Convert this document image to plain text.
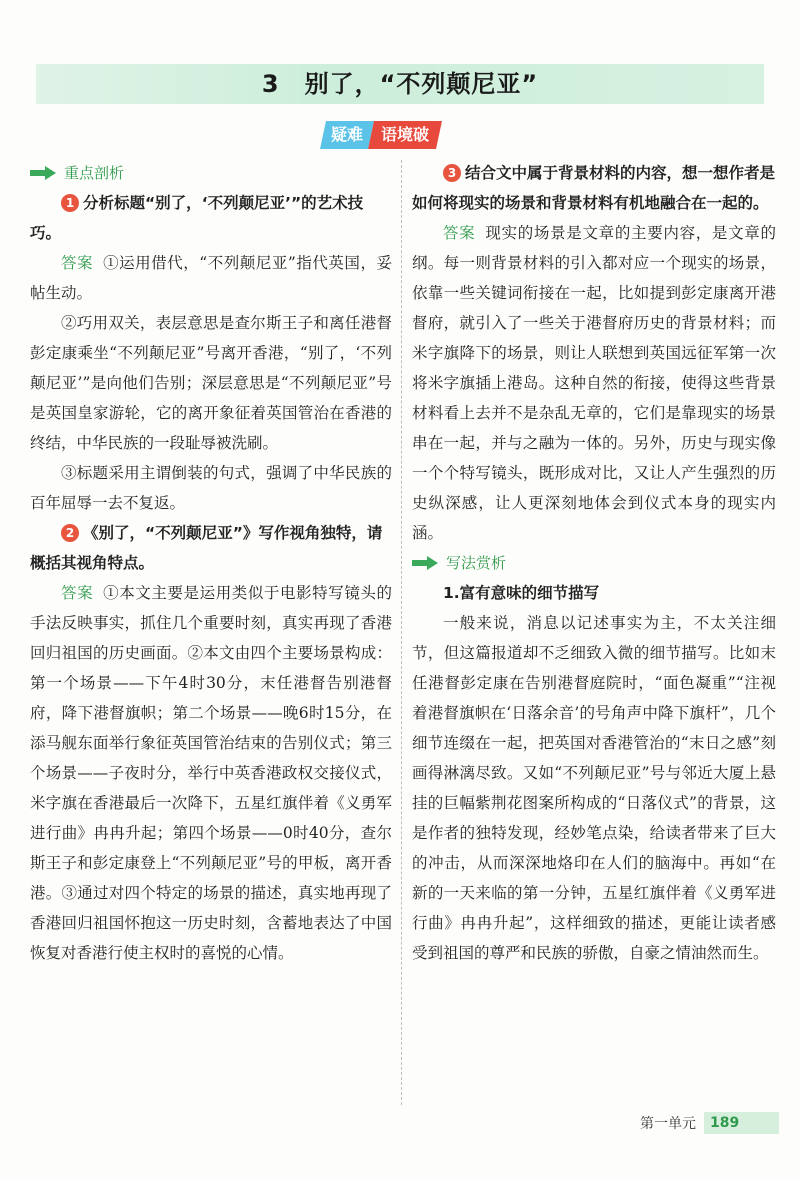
3　别了，“不列颠尼亚”
疑难	语境破
重点剖析

1 分析标题“别了，‘不列颠尼亚’”的艺术技巧。

答案 ①运用借代，“不列颠尼亚”指代英国，妥帖生动。

②巧用双关，表层意思是查尔斯王子和离任港督彭定康乘坐“不列颠尼亚”号离开香港，“别了，‘不列颠尼亚’”是向他们告别；深层意思是“不列颠尼亚”号是英国皇家游轮，它的离开象征着英国管治在香港的终结，中华民族的一段耻辱被洗刷。

③标题采用主谓倒装的句式，强调了中华民族的百年屈辱一去不复返。

2 《别了，“不列颠尼亚”》写作视角独特，请概括其视角特点。

答案 ①本文主要是运用类似于电影特写镜头的手法反映事实，抓住几个重要时刻，真实再现了香港回归祖国的历史画面。②本文由四个主要场景构成：第一个场景——下午4时30分，末任港督告别港督府，降下港督旗帜；第二个场景——晚6时15分，在添马舰东面举行象征英国管治结束的告别仪式；第三个场景——子夜时分，举行中英香港政权交接仪式，米字旗在香港最后一次降下，五星红旗伴着《义勇军进行曲》冉冉升起；第四个场景——0时40分，查尔斯王子和彭定康登上“不列颠尼亚”号的甲板，离开香港。③通过对四个特定的场景的描述，真实地再现了香港回归祖国怀抱这一历史时刻，含蓄地表达了中国恢复对香港行使主权时的喜悦的心情。

3 结合文中属于背景材料的内容，想一想作者是如何将现实的场景和背景材料有机地融合在一起的。

答案 现实的场景是文章的主要内容，是文章的纲。每一则背景材料的引入都对应一个现实的场景，依靠一些关键词衔接在一起，比如提到彭定康离开港督府，就引入了一些关于港督府历史的背景材料；而米字旗降下的场景，则让人联想到英国远征军第一次将米字旗插上港岛。这种自然的衔接，使得这些背景材料看上去并不是杂乱无章的，它们是靠现实的场景串在一起，并与之融为一体的。另外，历史与现实像一个个特写镜头，既形成对比，又让人产生强烈的历史纵深感，让人更深刻地体会到仪式本身的现实内涵。

写法赏析

1.富有意味的细节描写

一般来说，消息以记述事实为主，不太关注细节，但这篇报道却不乏细致入微的细节描写。比如末任港督彭定康在告别港督庭院时，“面色凝重”“注视着港督旗帜在‘日落余音’的号角声中降下旗杆”，几个细节连缀在一起，把英国对香港管治的“末日之感”刻画得淋漓尽致。又如“不列颠尼亚”号与邻近大厦上悬挂的巨幅紫荆花图案所构成的“日落仪式”的背景，这是作者的独特发现，经妙笔点染，给读者带来了巨大的冲击，从而深深地烙印在人们的脑海中。再如“在新的一天来临的第一分钟，五星红旗伴着《义勇军进行曲》冉冉升起”，这样细致的描述，更能让读者感受到祖国的尊严和民族的骄傲，自豪之情油然而生。

第一单元	189
